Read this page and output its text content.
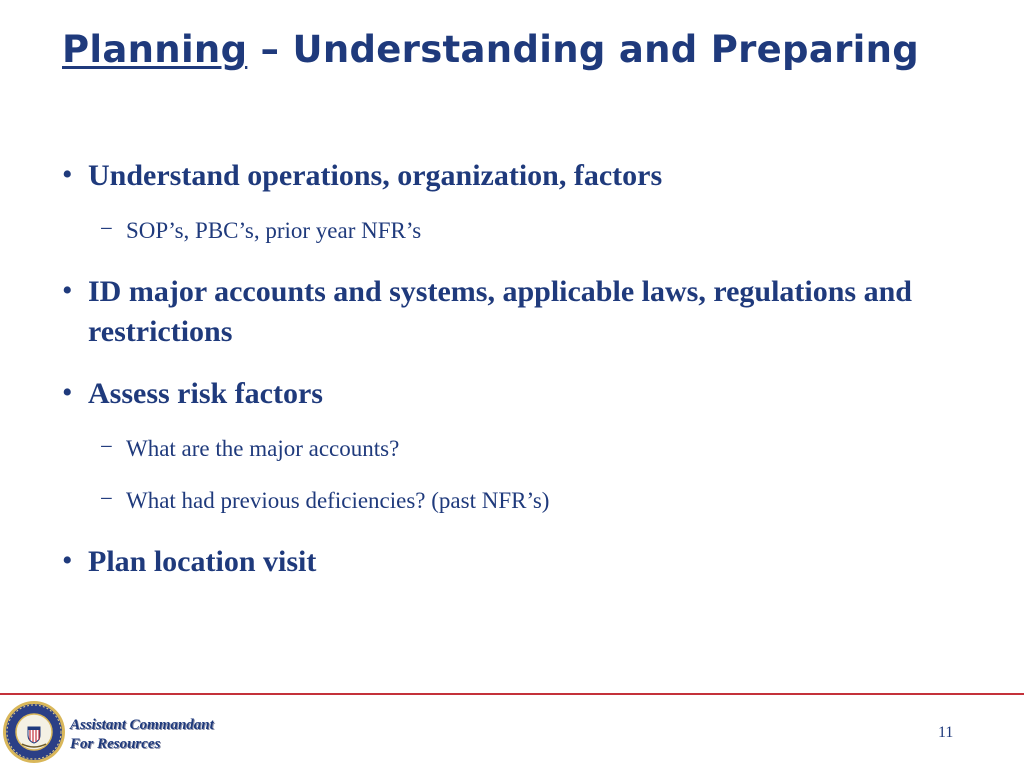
Planning – Understanding and Preparing
• Understand operations, organization, factors
− SOP’s, PBC’s, prior year NFR’s
• ID major accounts and systems, applicable laws, regulations and restrictions
• Assess risk factors
− What are the major accounts?
− What had previous deficiencies? (past NFR’s)
• Plan location visit
Assistant Commandant
For Resources
11
